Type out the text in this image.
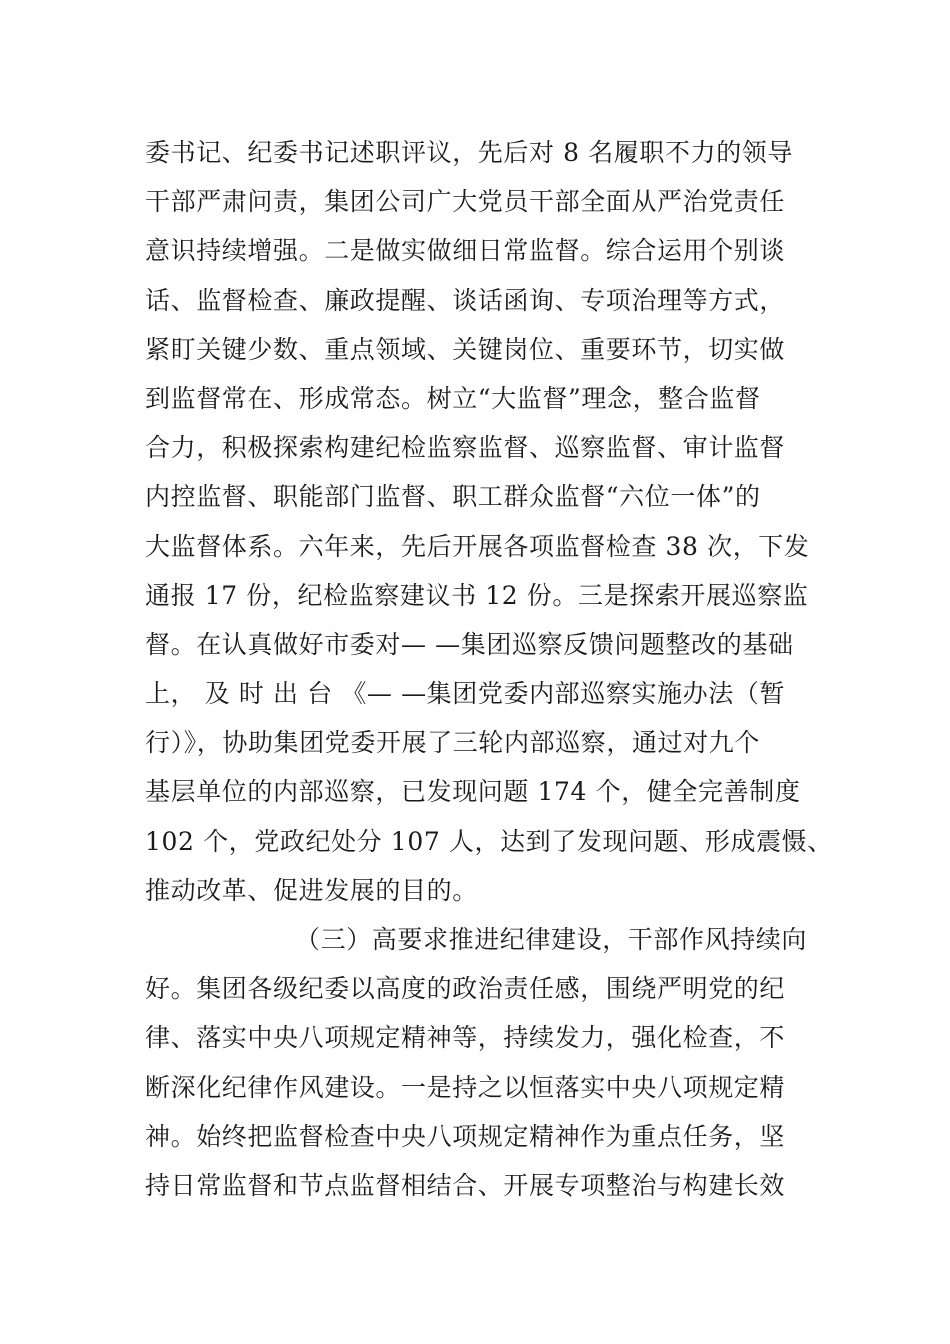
委书记、纪委书记述职评议，先后对 8 名履职不力的领导
干部严肃问责，集团公司广大党员干部全面从严治党责任
意识持续增强。二是做实做细日常监督。综合运用个别谈
话、监督检查、廉政提醒、谈话函询、专项治理等方式，
紧盯关键少数、重点领域、关键岗位、重要环节，切实做
到监督常在、形成常态。树立“大监督”理念，整合监督
合力，积极探索构建纪检监察监督、巡察监督、审计监督
内控监督、职能部门监督、职工群众监督“六位一体”的
大监督体系。六年来，先后开展各项监督检查 38 次，下发
通报 17 份，纪检监察建议书 12 份。三是探索开展巡察监
督。在认真做好市委对— —集团巡察反馈问题整改的基础
上， 及 时 出 台 《— —集团党委内部巡察实施办法（暂
行）》，协助集团党委开展了三轮内部巡察，通过对九个
基层单位的内部巡察，已发现问题 174 个，健全完善制度
102 个，党政纪处分 107 人，达到了发现问题、形成震慑、
推动改革、促进发展的目的。
（三）高要求推进纪律建设，干部作风持续向
好。集团各级纪委以高度的政治责任感，围绕严明党的纪
律、落实中央八项规定精神等，持续发力，强化检查，不
断深化纪律作风建设。一是持之以恒落实中央八项规定精
神。始终把监督检查中央八项规定精神作为重点任务，坚
持日常监督和节点监督相结合、开展专项整治与构建长效
